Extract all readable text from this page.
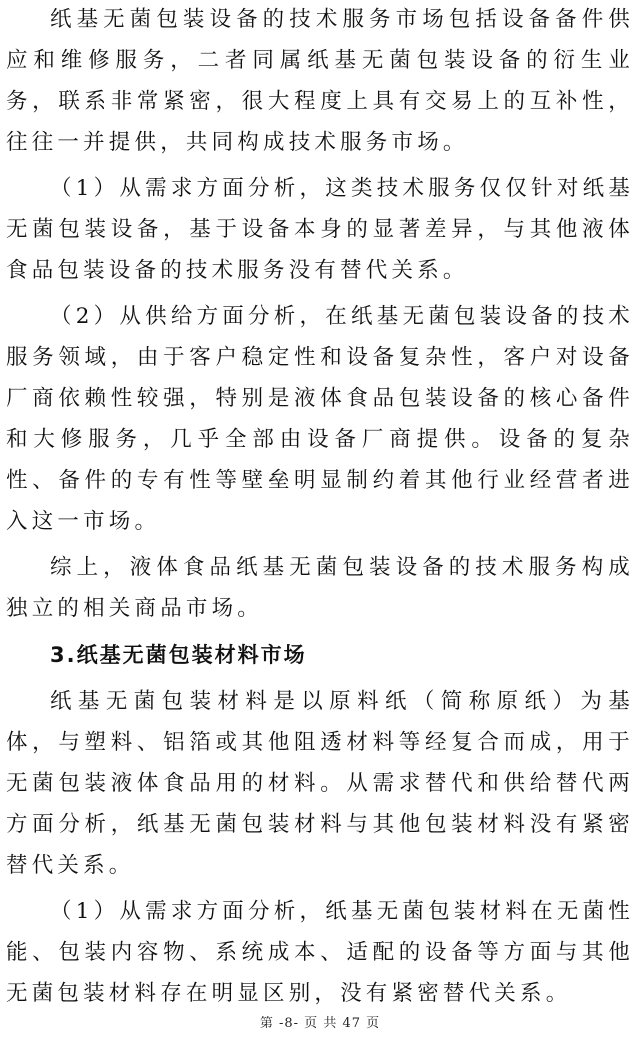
纸基无菌包装设备的技术服务市场包括设备备件供应和维修服务，二者同属纸基无菌包装设备的衍生业务，联系非常紧密，很大程度上具有交易上的互补性，往往一并提供，共同构成技术服务市场。

（1）从需求方面分析，这类技术服务仅仅针对纸基无菌包装设备，基于设备本身的显著差异，与其他液体食品包装设备的技术服务没有替代关系。

（2）从供给方面分析，在纸基无菌包装设备的技术服务领域，由于客户稳定性和设备复杂性，客户对设备厂商依赖性较强，特别是液体食品包装设备的核心备件和大修服务，几乎全部由设备厂商提供。设备的复杂性、备件的专有性等壁垒明显制约着其他行业经营者进入这一市场。

综上，液体食品纸基无菌包装设备的技术服务构成独立的相关商品市场。

3.纸基无菌包装材料市场

纸基无菌包装材料是以原料纸（简称原纸）为基体，与塑料、铝箔或其他阻透材料等经复合而成，用于无菌包装液体食品用的材料。从需求替代和供给替代两方面分析，纸基无菌包装材料与其他包装材料没有紧密替代关系。

（1）从需求方面分析，纸基无菌包装材料在无菌性能、包装内容物、系统成本、适配的设备等方面与其他无菌包装材料存在明显区别，没有紧密替代关系。

第 -8- 页 共 47 页
